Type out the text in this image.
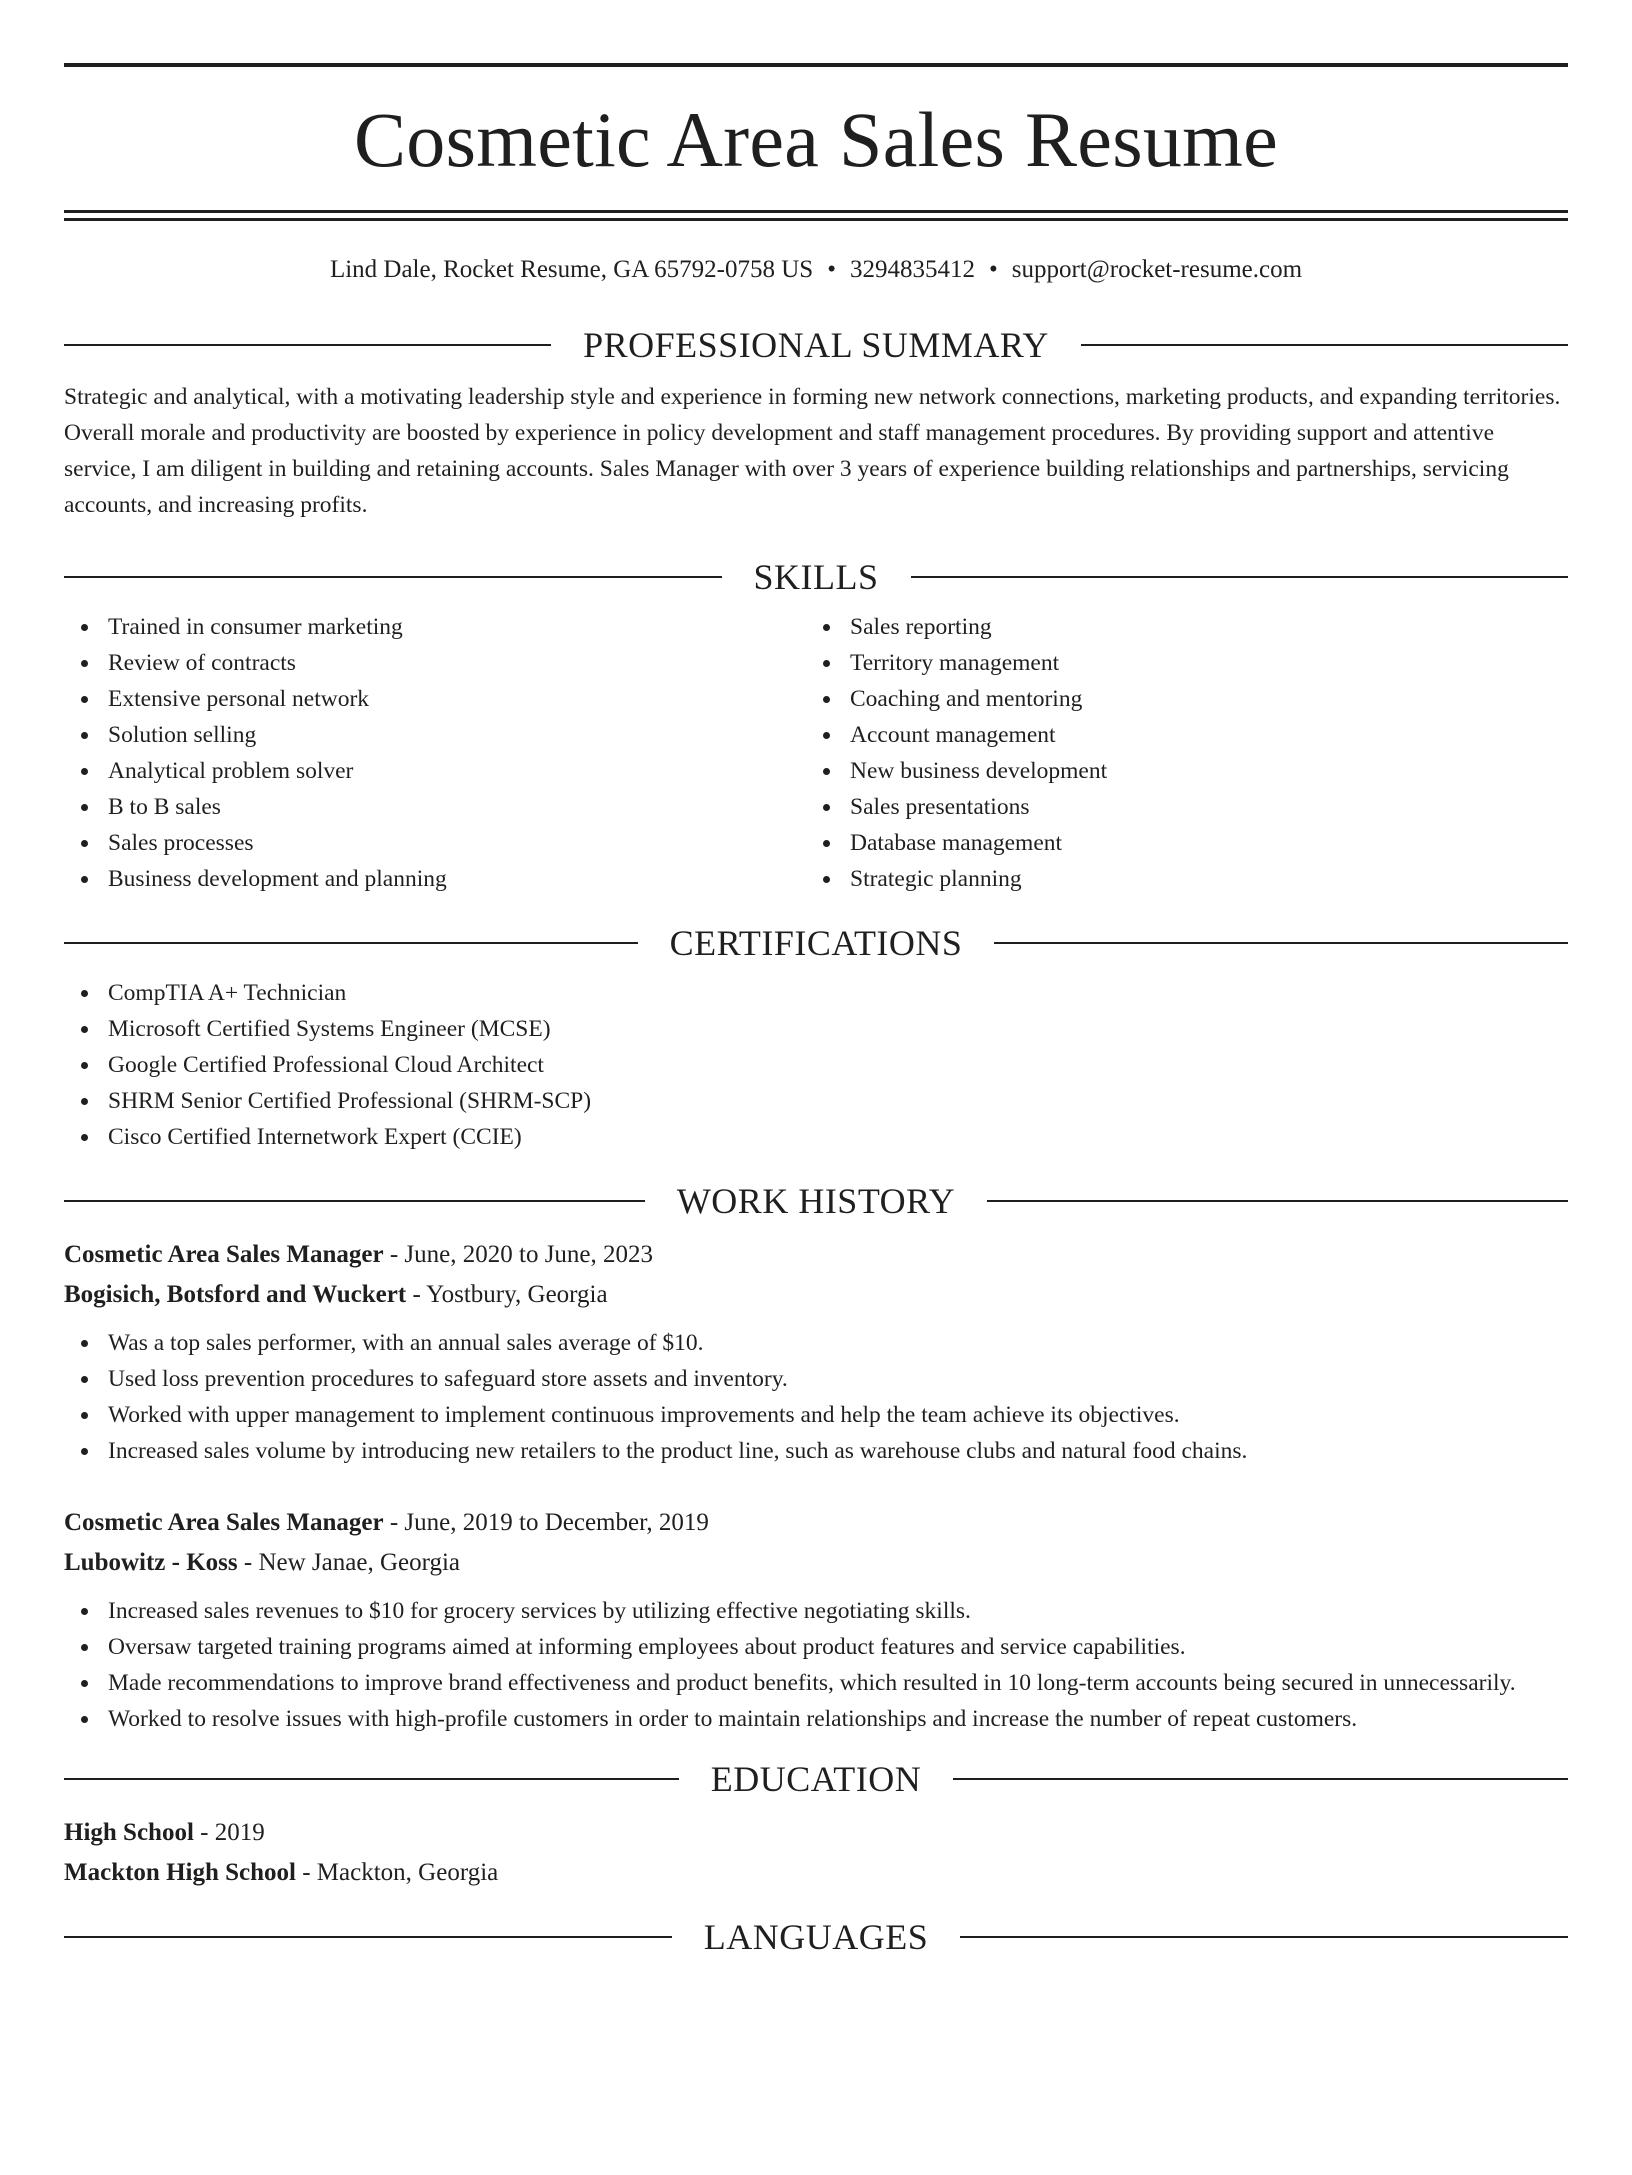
Cosmetic Area Sales Resume
Lind Dale, Rocket Resume, GA 65792-0758 US • 3294835412 • support@rocket-resume.com
PROFESSIONAL SUMMARY

Strategic and analytical, with a motivating leadership style and experience in forming new network connections, marketing products, and expanding territories. Overall morale and productivity are boosted by experience in policy development and staff management procedures. By providing support and attentive service, I am diligent in building and retaining accounts. Sales Manager with over 3 years of experience building relationships and partnerships, servicing accounts, and increasing profits.

SKILLS
Trained in consumer marketing
Review of contracts
Extensive personal network
Solution selling
Analytical problem solver
B to B sales
Sales processes
Business development and planning
Sales reporting
Territory management
Coaching and mentoring
Account management
New business development
Sales presentations
Database management
Strategic planning
CERTIFICATIONS
CompTIA A+ Technician
Microsoft Certified Systems Engineer (MCSE)
Google Certified Professional Cloud Architect
SHRM Senior Certified Professional (SHRM-SCP)
Cisco Certified Internetwork Expert (CCIE)
WORK HISTORY
Cosmetic Area Sales Manager - June, 2020 to June, 2023
Bogisich, Botsford and Wuckert - Yostbury, Georgia
Was a top sales performer, with an annual sales average of $10.
Used loss prevention procedures to safeguard store assets and inventory.
Worked with upper management to implement continuous improvements and help the team achieve its objectives.
Increased sales volume by introducing new retailers to the product line, such as warehouse clubs and natural food chains.
Cosmetic Area Sales Manager - June, 2019 to December, 2019
Lubowitz - Koss - New Janae, Georgia
Increased sales revenues to $10 for grocery services by utilizing effective negotiating skills.
Oversaw targeted training programs aimed at informing employees about product features and service capabilities.
Made recommendations to improve brand effectiveness and product benefits, which resulted in 10 long-term accounts being secured in unnecessarily.
Worked to resolve issues with high-profile customers in order to maintain relationships and increase the number of repeat customers.
EDUCATION
High School - 2019
Mackton High School - Mackton, Georgia
LANGUAGES
